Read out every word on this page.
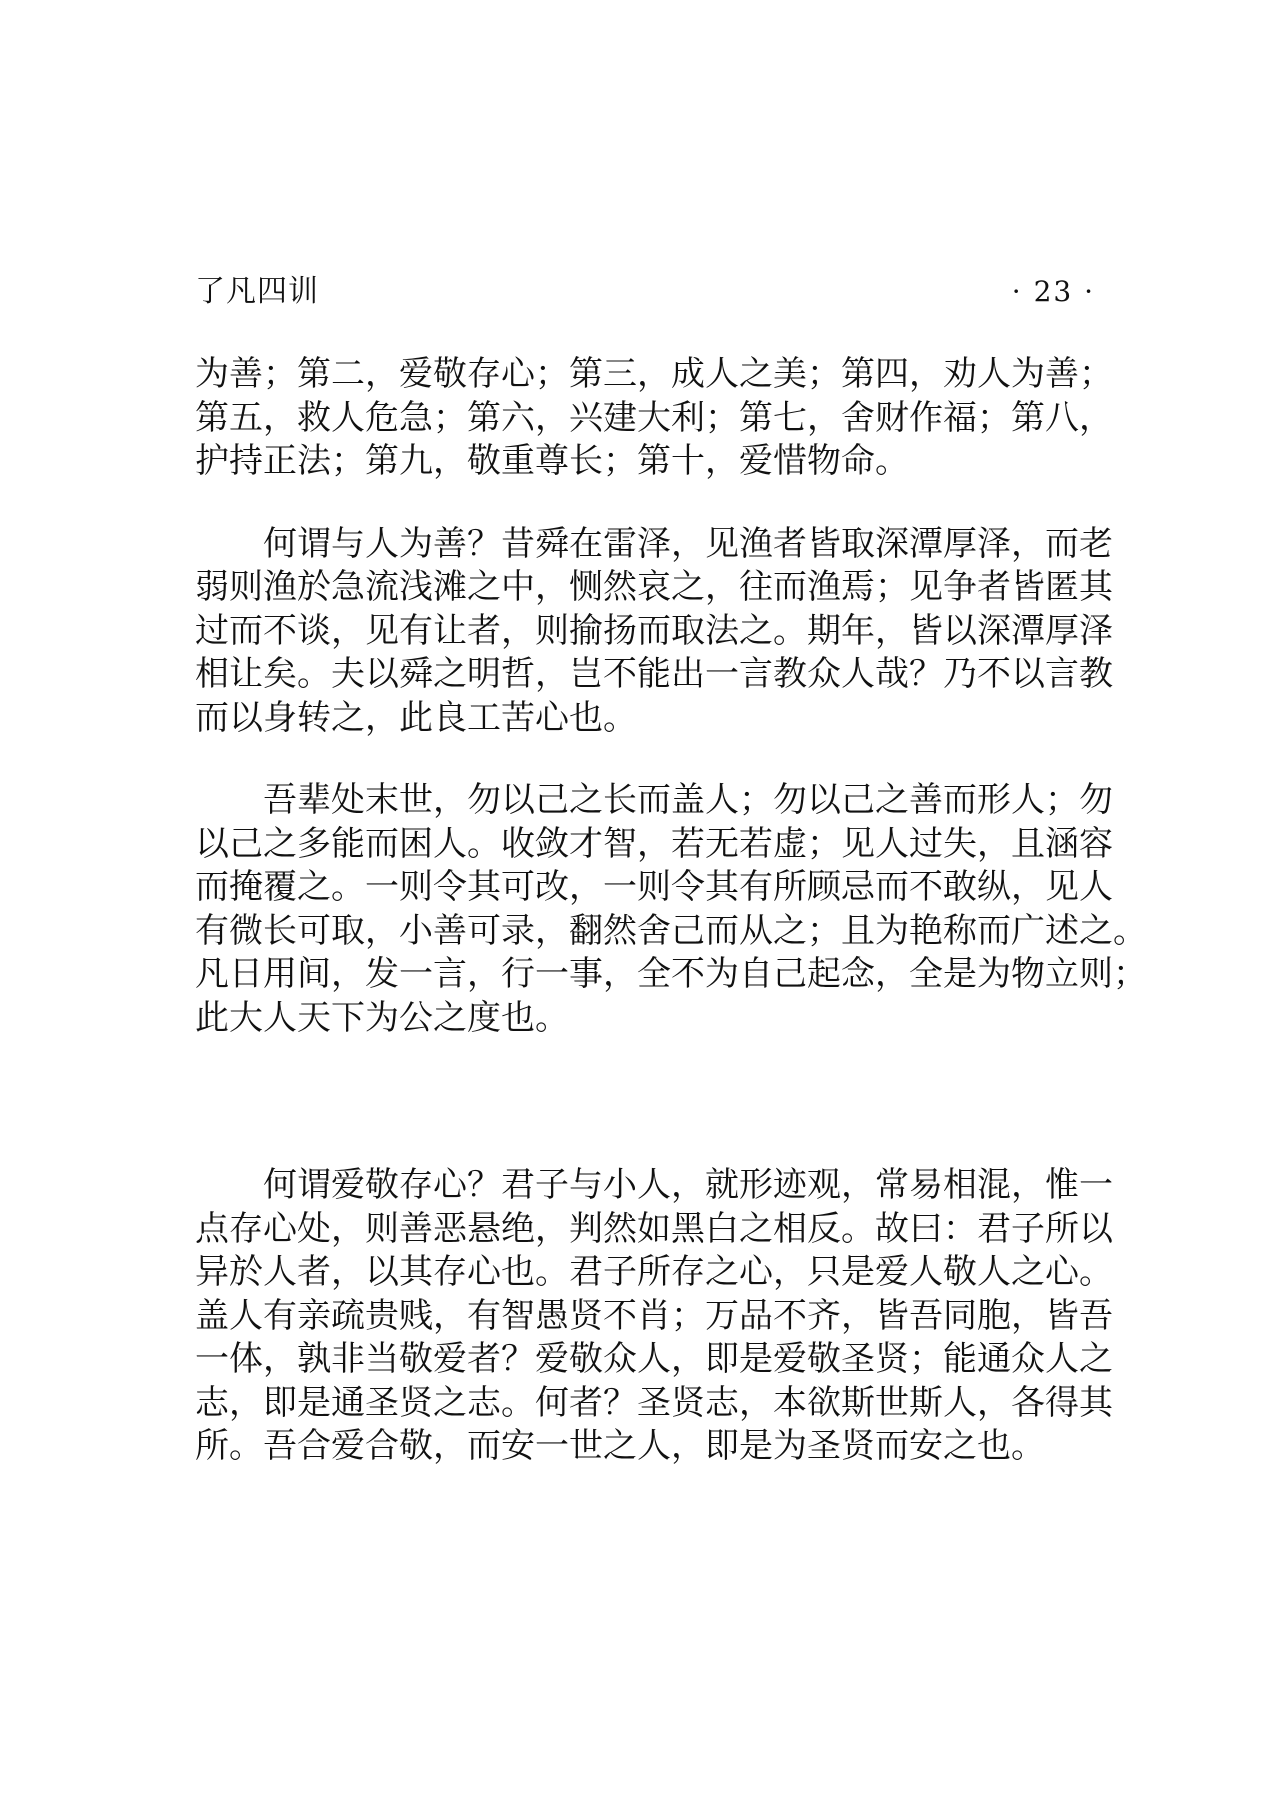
了凡四训	· 23 ·

为善；第二，爱敬存心；第三，成人之美；第四，劝人为善；
第五，救人危急；第六，兴建大利；第七，舍财作福；第八，
护持正法；第九，敬重尊长；第十，爱惜物命。

何谓与人为善？昔舜在雷泽，见渔者皆取深潭厚泽，而老
弱则渔於急流浅滩之中，恻然哀之，往而渔焉；见争者皆匿其
过而不谈，见有让者，则揄扬而取法之。期年，皆以深潭厚泽
相让矣。夫以舜之明哲，岂不能出一言教众人哉？乃不以言教
而以身转之，此良工苦心也。

吾辈处末世，勿以己之长而盖人；勿以己之善而形人；勿
以己之多能而困人。收敛才智，若无若虚；见人过失，且涵容
而掩覆之。一则令其可改，一则令其有所顾忌而不敢纵，见人
有微长可取，小善可录，翻然舍己而从之；且为艳称而广述之。
凡日用间，发一言，行一事，全不为自己起念，全是为物立则；
此大人天下为公之度也。

何谓爱敬存心？君子与小人，就形迹观，常易相混，惟一
点存心处，则善恶悬绝，判然如黑白之相反。故曰：君子所以
异於人者，以其存心也。君子所存之心，只是爱人敬人之心。
盖人有亲疏贵贱，有智愚贤不肖；万品不齐，皆吾同胞，皆吾
一体，孰非当敬爱者？爱敬众人，即是爱敬圣贤；能通众人之
志，即是通圣贤之志。何者？圣贤志，本欲斯世斯人，各得其
所。吾合爱合敬，而安一世之人，即是为圣贤而安之也。
